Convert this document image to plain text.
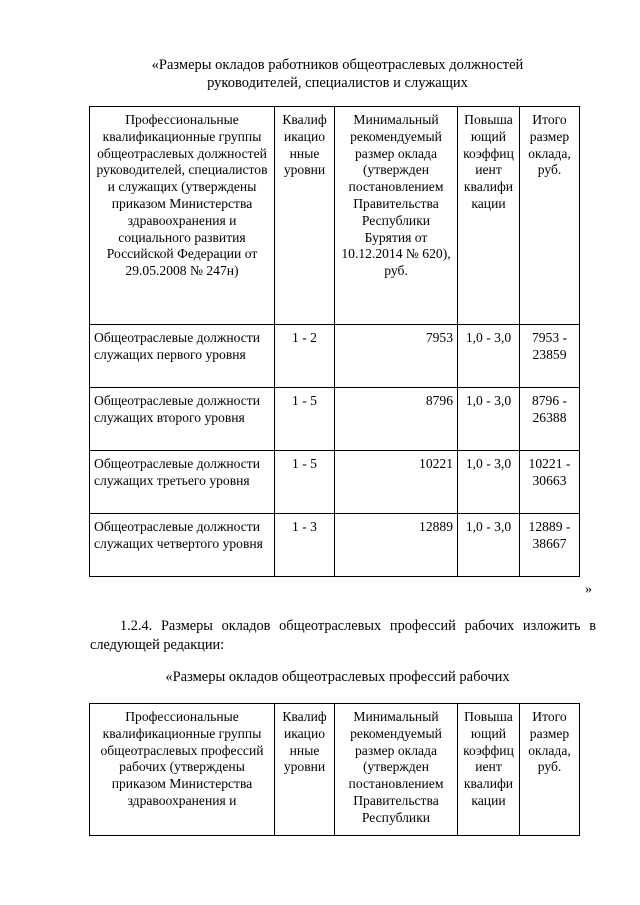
«Размеры окладов работников общеотраслевых должностей
руководителей, специалистов и служащих
Профессиональные квалификационные группы общеотраслевых должностей руководителей, специалистов и служащих (утверждены приказом Министерства здравоохранения и социального развития Российской Федерации от 29.05.2008 № 247н)	Квалиф икацио нные уровни	Минимальный рекомендуемый размер оклада (утвержден постановлением Правительства Республики Бурятия от 10.12.2014 № 620), руб.	Повыша ющий коэффиц иент квалифи кации	Итого размер оклада, руб.
Общеотраслевые должности служащих первого уровня	1 - 2	7953	1,0 - 3,0	7953 - 23859
Общеотраслевые должности служащих второго уровня	1 - 5	8796	1,0 - 3,0	8796 - 26388
Общеотраслевые должности служащих третьего уровня	1 - 5	10221	1,0 - 3,0	10221 - 30663
Общеотраслевые должности служащих четвертого уровня	1 - 3	12889	1,0 - 3,0	12889 - 38667
»
1.2.4. Размеры окладов общеотраслевых профессий рабочих изложить в следующей редакции:
«Размеры окладов общеотраслевых профессий рабочих
Профессиональные квалификационные группы общеотраслевых профессий рабочих (утверждены приказом Министерства здравоохранения и	Квалиф икацио нные уровни	Минимальный рекомендуемый размер оклада (утвержден постановлением Правительства Республики	Повыша ющий коэффиц иент квалифи кации	Итого размер оклада, руб.
